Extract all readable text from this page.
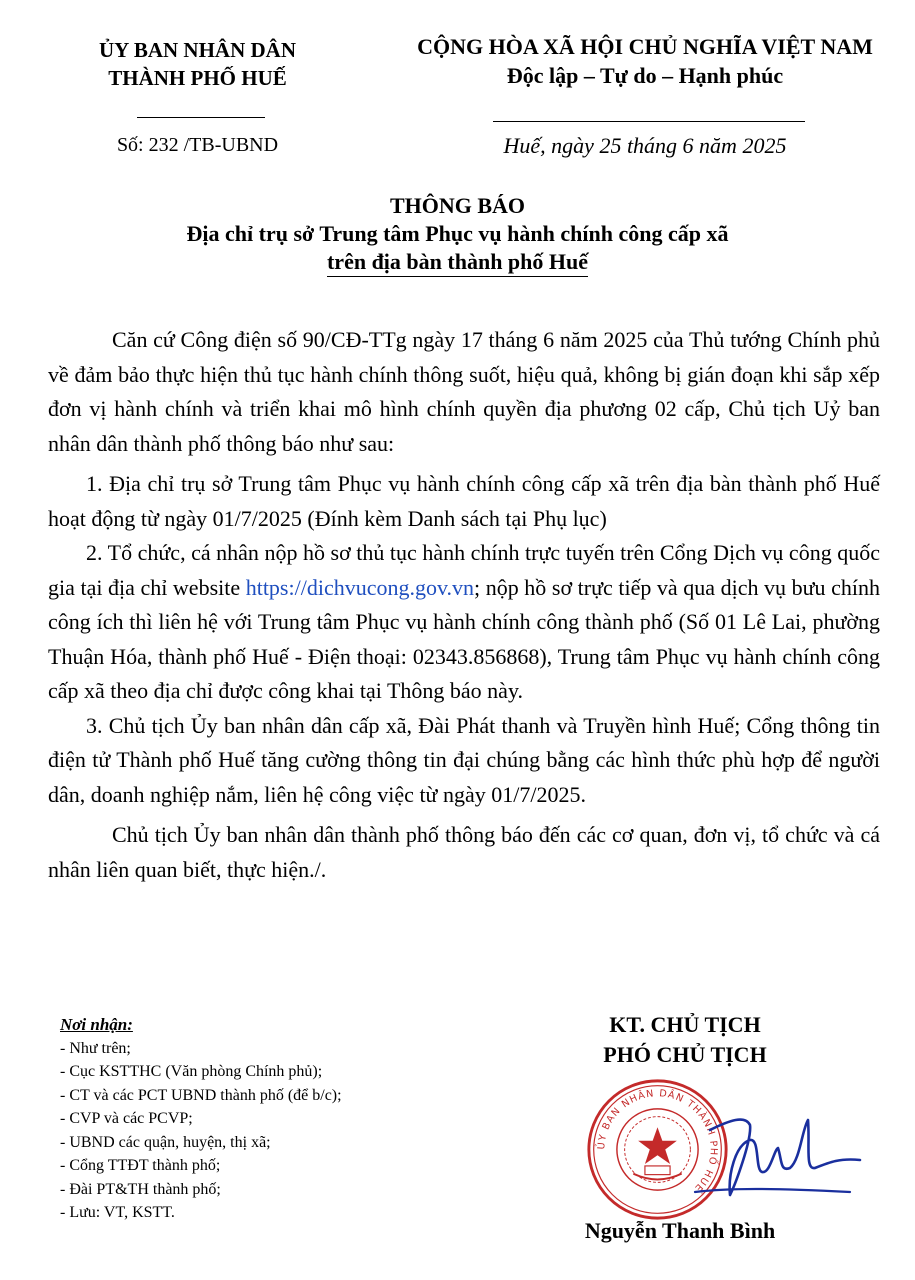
ỦY BAN NHÂN DÂN
THÀNH PHỐ HUẾ
Số: 232 /TB-UBND
CỘNG HÒA XÃ HỘI CHỦ NGHĨA VIỆT NAM
Độc lập – Tự do – Hạnh phúc
Huế, ngày 25 tháng 6 năm 2025
THÔNG BÁO
Địa chỉ trụ sở Trung tâm Phục vụ hành chính công cấp xã
trên địa bàn thành phố Huế

Căn cứ Công điện số 90/CĐ-TTg ngày 17 tháng 6 năm 2025 của Thủ tướng Chính phủ về đảm bảo thực hiện thủ tục hành chính thông suốt, hiệu quả, không bị gián đoạn khi sắp xếp đơn vị hành chính và triển khai mô hình chính quyền địa phương 02 cấp, Chủ tịch Uỷ ban nhân dân thành phố thông báo như sau:

1. Địa chỉ trụ sở Trung tâm Phục vụ hành chính công cấp xã trên địa bàn thành phố Huế hoạt động từ ngày 01/7/2025 (Đính kèm Danh sách tại Phụ lục)

2. Tổ chức, cá nhân nộp hồ sơ thủ tục hành chính trực tuyến trên Cổng Dịch vụ công quốc gia tại địa chỉ website https://dichvucong.gov.vn; nộp hồ sơ trực tiếp và qua dịch vụ bưu chính công ích thì liên hệ với Trung tâm Phục vụ hành chính công thành phố (Số 01 Lê Lai, phường Thuận Hóa, thành phố Huế - Điện thoại: 02343.856868), Trung tâm Phục vụ hành chính công cấp xã theo địa chỉ được công khai tại Thông báo này.

3. Chủ tịch Ủy ban nhân dân cấp xã, Đài Phát thanh và Truyền hình Huế; Cổng thông tin điện tử Thành phố Huế tăng cường thông tin đại chúng bằng các hình thức phù hợp để người dân, doanh nghiệp nắm, liên hệ công việc từ ngày 01/7/2025.

Chủ tịch Ủy ban nhân dân thành phố thông báo đến các cơ quan, đơn vị, tổ chức và cá nhân liên quan biết, thực hiện./.

Nơi nhận:
- Như trên;
- Cục KSTTHC (Văn phòng Chính phủ);
- CT và các PCT UBND thành phố (để b/c);
- CVP và các PCVP;
- UBND các quận, huyện, thị xã;
- Cổng TTĐT thành phố;
- Đài PT&TH thành phố;
- Lưu: VT, KSTT.
KT. CHỦ TỊCH
PHÓ CHỦ TỊCH
ỦY BAN NHÂN DÂN THÀNH PHỐ HUẾ
Nguyễn Thanh Bình
